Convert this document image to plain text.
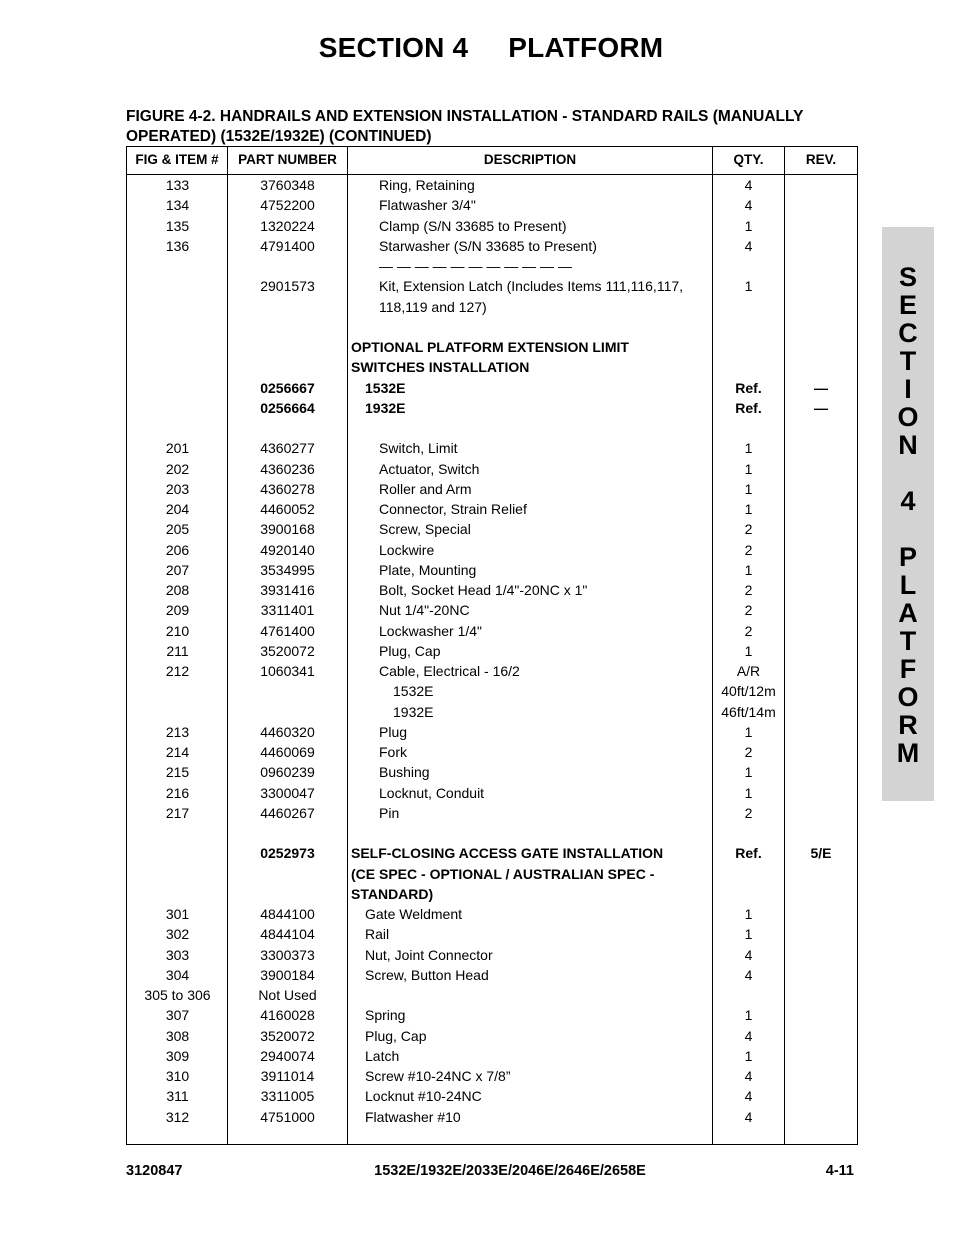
SECTION 4     PLATFORM
FIGURE 4-2. HANDRAILS AND EXTENSION INSTALLATION - STANDARD RAILS (MANUALLY OPERATED) (1532E/1932E) (CONTINUED)
FIG & ITEM #	PART NUMBER	DESCRIPTION	QTY.	REV.
133	3760348	Ring, Retaining	4
134	4752200	Flatwasher 3/4"	4
135	1320224	Clamp (S/N 33685 to Present)	1
136	4791400	Starwasher (S/N 33685 to Present)	4
— — — — — — — — — — —
2901573	Kit, Extension Latch (Includes Items 111,116,117,	1
118,119 and 127)
OPTIONAL PLATFORM EXTENSION LIMIT
SWITCHES INSTALLATION
0256667	1532E	Ref.	—
0256664	1932E	Ref.	—
201	4360277	Switch, Limit	1
202	4360236	Actuator, Switch	1
203	4360278	Roller and Arm	1
204	4460052	Connector, Strain Relief	1
205	3900168	Screw, Special	2
206	4920140	Lockwire	2
207	3534995	Plate, Mounting	1
208	3931416	Bolt, Socket Head 1/4"-20NC x 1"	2
209	3311401	Nut 1/4"-20NC	2
210	4761400	Lockwasher 1/4"	2
211	3520072	Plug, Cap	1
212	1060341	Cable, Electrical - 16/2	A/R
1532E	40ft/12m
1932E	46ft/14m
213	4460320	Plug	1
214	4460069	Fork	2
215	0960239	Bushing	1
216	3300047	Locknut, Conduit	1
217	4460267	Pin	2
0252973	SELF-CLOSING ACCESS GATE INSTALLATION	Ref.	5/E
(CE SPEC - OPTIONAL / AUSTRALIAN SPEC -
STANDARD)
301	4844100	Gate Weldment	1
302	4844104	Rail	1
303	3300373	Nut, Joint Connector	4
304	3900184	Screw, Button Head	4
305 to 306	Not Used
307	4160028	Spring	1
308	3520072	Plug, Cap	4
309	2940074	Latch	1
310	3911014	Screw #10-24NC x 7/8”	4
311	3311005	Locknut #10-24NC	4
312	4751000	Flatwasher #10	4
S
E
C
T
I
O
N
4
P
L
A
T
F
O
R
M
3120847	1532E/1932E/2033E/2046E/2646E/2658E	4-11
